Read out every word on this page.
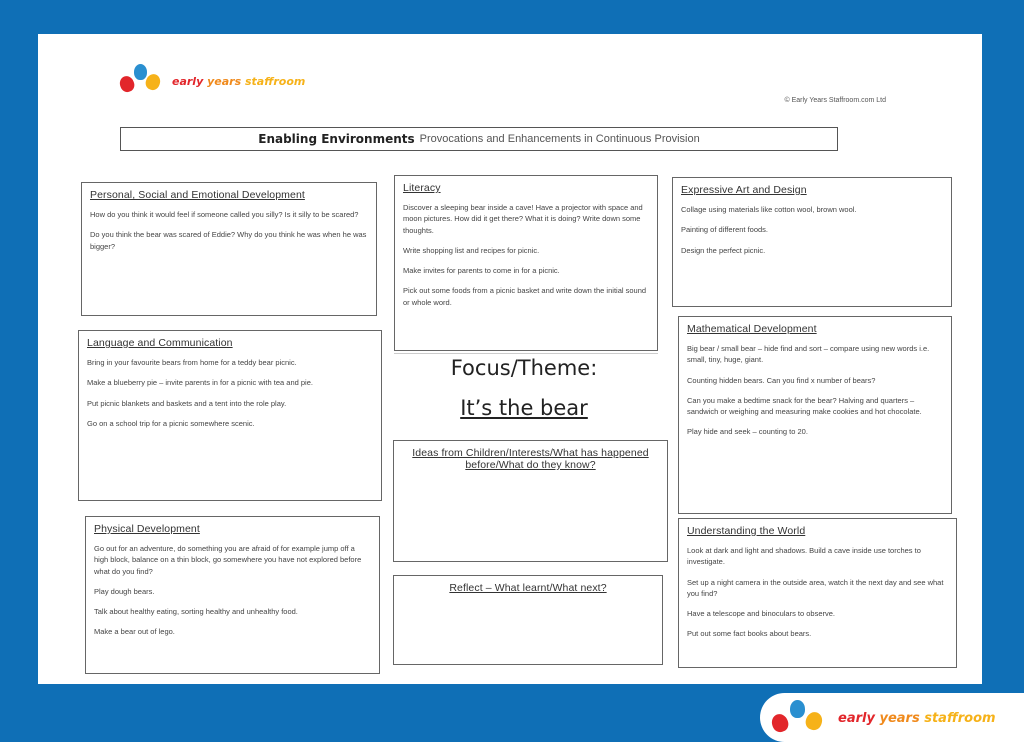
early years staffroom
© Early Years Staffroom.com Ltd
Enabling Environments Provocations and Enhancements in Continuous Provision
Personal, Social and Emotional Development

How do you think it would feel if someone called you silly? Is it silly to be scared?

Do you think the bear was scared of Eddie? Why do you think he was when he was bigger?

Literacy

Discover a sleeping bear inside a cave! Have a projector with space and moon pictures. How did it get there? What it is doing? Write down some thoughts.

Write shopping list and recipes for picnic.

Make invites for parents to come in for a picnic.

Pick out some foods from a picnic basket and write down the initial sound or whole word.

Expressive Art and Design

Collage using materials like cotton wool, brown wool.

Painting of different foods.

Design the perfect picnic.

Language and Communication

Bring in your favourite bears from home for a teddy bear picnic.

Make a blueberry pie – invite parents in for a picnic with tea and pie.

Put picnic blankets and baskets and a tent into the role play.

Go on a school trip for a picnic somewhere scenic.

Focus/Theme:
It’s the bear
Mathematical Development

Big bear / small bear – hide find and sort – compare using new words i.e. small, tiny, huge, giant.

Counting hidden bears. Can you find x number of bears?

Can you make a bedtime snack for the bear? Halving and quarters – sandwich or weighing and measuring make cookies and hot chocolate.

Play hide and seek – counting to 20.

Ideas from Children/Interests/What has happened before/What do they know?
Physical Development

Go out for an adventure, do something you are afraid of for example jump off a high block, balance on a thin block, go somewhere you have not explored before what do you find?

Play dough bears.

Talk about healthy eating, sorting healthy and unhealthy food.

Make a bear out of lego.

Understanding the World

Look at dark and light and shadows. Build a cave inside use torches to investigate.

Set up a night camera in the outside area, watch it the next day and see what you find?

Have a telescope and binoculars to observe.

Put out some fact books about bears.

Reflect – What learnt/What next?
early years staffroom
